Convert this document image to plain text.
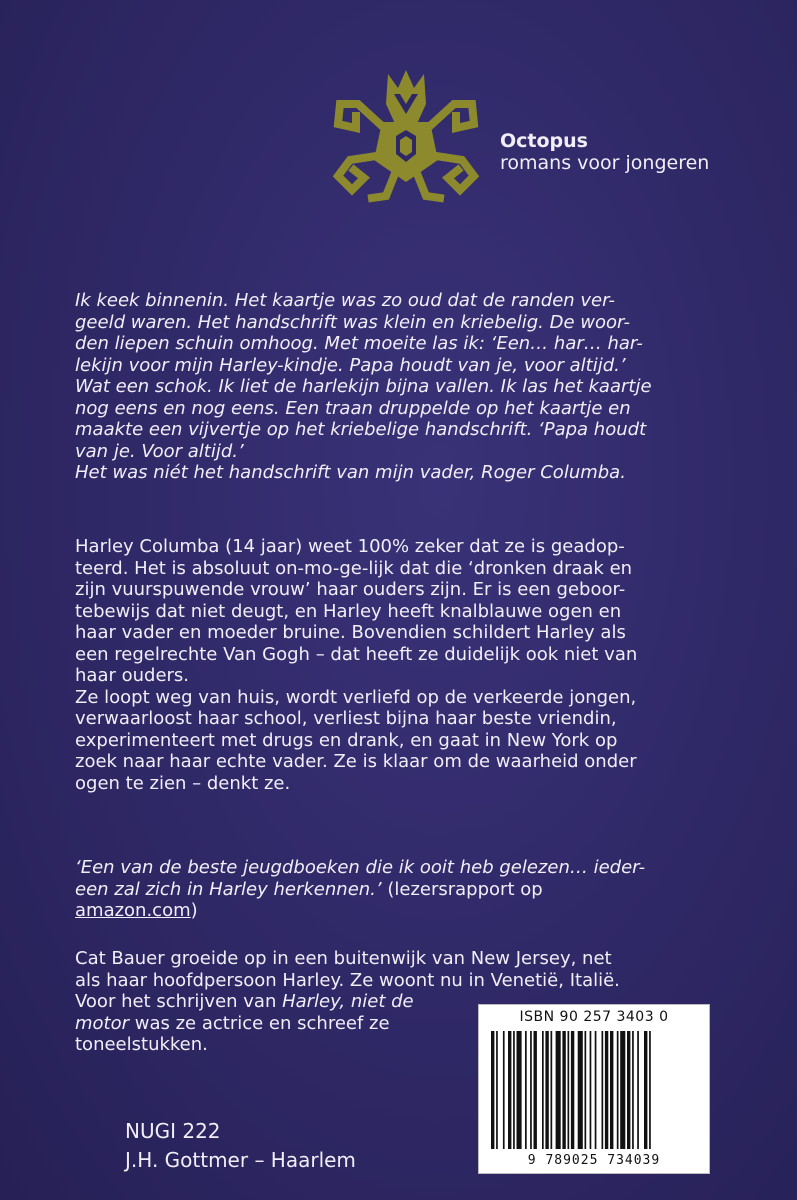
Octopus
romans voor jongeren
Ik keek binnenin. Het kaartje was zo oud dat de randen ver-
geeld waren. Het handschrift was klein en kriebelig. De woor-
den liepen schuin omhoog. Met moeite las ik: ‘Een… har… har-
lekijn voor mijn Harley-kindje. Papa houdt van je, voor altijd.’
Wat een schok. Ik liet de harlekijn bijna vallen. Ik las het kaartje
nog eens en nog eens. Een traan druppelde op het kaartje en
maakte een vijvertje op het kriebelige handschrift. ‘Papa houdt
van je. Voor altijd.’
Het was niét het handschrift van mijn vader, Roger Columba.
Harley Columba (14 jaar) weet 100% zeker dat ze is geadop-
teerd. Het is absoluut on-mo-ge-lijk dat die ‘dronken draak en
zijn vuurspuwende vrouw’ haar ouders zijn. Er is een geboor-
tebewijs dat niet deugt, en Harley heeft knalblauwe ogen en
haar vader en moeder bruine. Bovendien schildert Harley als
een regelrechte Van Gogh – dat heeft ze duidelijk ook niet van
haar ouders.
Ze loopt weg van huis, wordt verliefd op de verkeerde jongen,
verwaarloost haar school, verliest bijna haar beste vriendin,
experimenteert met drugs en drank, en gaat in New York op
zoek naar haar echte vader. Ze is klaar om de waarheid onder
ogen te zien – denkt ze.
‘Een van de beste jeugdboeken die ik ooit heb gelezen… ieder-
een zal zich in Harley herkennen.’ (lezersrapport op
amazon.com)
Cat Bauer groeide op in een buitenwijk van New Jersey, net
als haar hoofdpersoon Harley. Ze woont nu in Venetië, Italië.
Voor het schrijven van Harley, niet de
motor was ze actrice en schreef ze
toneelstukken.
ISBN 90 257 3403 0
9 789025 734039
NUGI 222
J.H. Gottmer – Haarlem
